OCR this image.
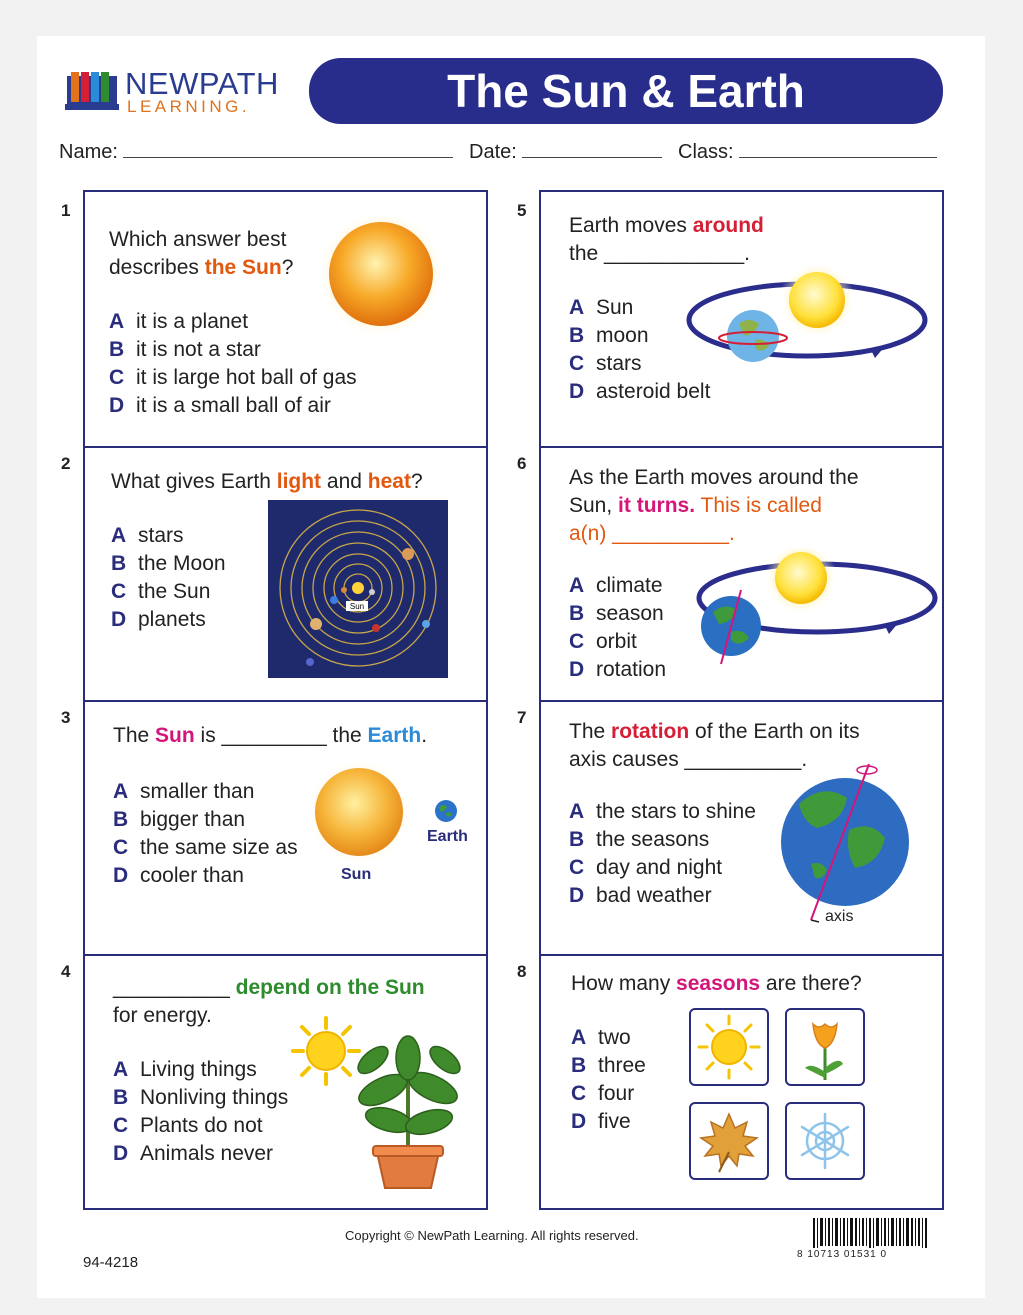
NEWPATH
LEARNING.	The Sun & Earth
Name:	Date:	Class:
1
2
3
4
5
6
7
8
Which answer best
describes the Sun?
A it is a planet
B it is not a star
C it is large hot ball of gas
D it is a small ball of air
What gives Earth light and heat?
A stars
B the Moon
C the Sun
D planets
Sun
The Sun is _________ the Earth.
A smaller than
B bigger than
C the same size as
D cooler than
Earth
Sun
__________ depend on the Sun
for energy.
A Living things
B Nonliving things
C Plants do not
D Animals never
Earth moves around
the ____________.
A Sun
B moon
C stars
D asteroid belt
As the Earth moves around the
Sun, it turns. This is called
a(n) __________.
A climate
B season
C orbit
D rotation
The rotation of the Earth on its
axis causes __________.
A the stars to shine
B the seasons
C day and night
D bad weather
axis
How many seasons are there?
A two
B three
C four
D five
Copyright © NewPath Learning. All rights reserved.
94-4218	8 10713 01531 0
